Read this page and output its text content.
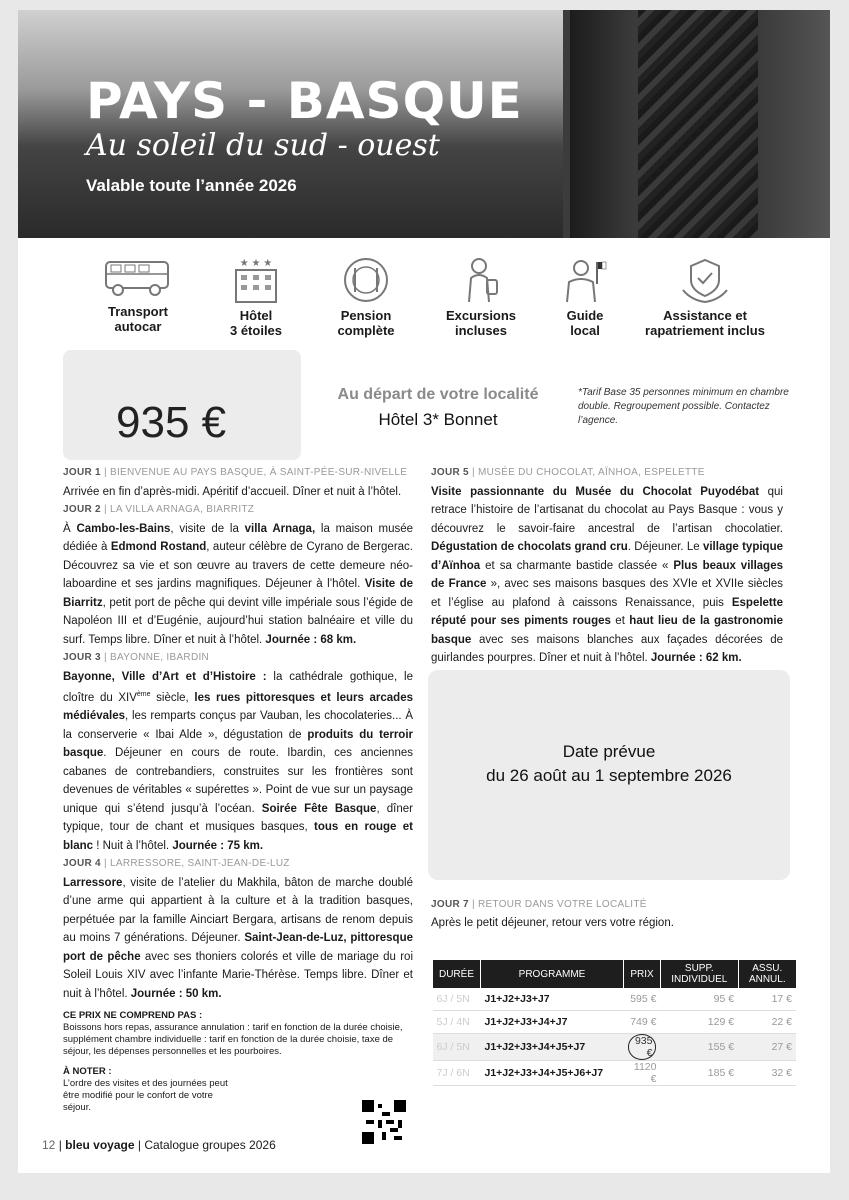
PAYS - BASQUE
Au soleil du sud - ouest
Valable toute l’année 2026
Transport
autocar
★ ★ ★
Hôtel
3 étoiles
Pension
complète
Excursions
incluses
Guide
local
Assistance et
rapatriement inclus
935 €
Au départ de votre localité
Hôtel 3* Bonnet
*Tarif Base 35 personnes minimum en chambre double. Regroupement possible. Contactez l’agence.
JOUR 1 | BIENVENUE AU PAYS BASQUE, À SAINT-PÉE-SUR-NIVELLE
Arrivée en fin d’après-midi. Apéritif d’accueil. Dîner et nuit à l’hôtel.
JOUR 2 | LA VILLA ARNAGA, BIARRITZ
À Cambo-les-Bains, visite de la villa Arnaga, la maison musée dédiée à Edmond Rostand, auteur célèbre de Cyrano de Bergerac. Découvrez sa vie et son œuvre au travers de cette demeure néo-laboardine et ses jardins magnifiques. Déjeuner à l’hôtel. Visite de Biarritz, petit port de pêche qui devint ville impériale sous l’égide de Napoléon III et d’Eugénie, aujourd’hui station balnéaire et ville du surf. Temps libre. Dîner et nuit à l’hôtel. Journée : 68 km.
JOUR 3 | BAYONNE, IBARDIN
Bayonne, Ville d’Art et d’Histoire : la cathédrale gothique, le cloître du XIVème siècle, les rues pittoresques et leurs arcades médiévales, les remparts conçus par Vauban, les chocolateries... À la conserverie « Ibai Alde », dégustation de produits du terroir basque. Déjeuner en cours de route. Ibardin, ces anciennes cabanes de contrebandiers, construites sur les frontières sont devenues de véritables « supérettes ». Point de vue sur un paysage unique qui s’étend jusqu’à l’océan. Soirée Fête Basque, dîner typique, tour de chant et musiques basques, tous en rouge et blanc ! Nuit à l’hôtel. Journée : 75 km.
JOUR 4 | LARRESSORE, SAINT-JEAN-DE-LUZ
Larressore, visite de l’atelier du Makhila, bâton de marche doublé d’une arme qui appartient à la culture et à la tradition basques, perpétuée par la famille Ainciart Bergara, artisans de renom depuis au moins 7 générations. Déjeuner. Saint-Jean-de-Luz, pittoresque port de pêche avec ses thoniers colorés et ville de mariage du roi Soleil Louis XIV avec l’infante Marie-Thérèse. Temps libre. Dîner et nuit à l’hôtel. Journée : 50 km.
JOUR 5 | MUSÉE DU CHOCOLAT, AÏNHOA, ESPELETTE
Visite passionnante du Musée du Chocolat Puyodébat qui retrace l’histoire de l’artisanat du chocolat au Pays Basque : vous y découvrez le savoir-faire ancestral de l’artisan chocolatier. Dégustation de chocolats grand cru. Déjeuner. Le village typique d’Aïnhoa et sa charmante bastide classée « Plus beaux villages de France », avec ses maisons basques des XVIe et XVIIe siècles et l’église au plafond à caissons Renaissance, puis Espelette réputé pour ses piments rouges et haut lieu de la gastronomie basque avec ses maisons blanches aux façades décorées de guirlandes pourpres. Dîner et nuit à l’hôtel. Journée : 62 km.
Date prévue
du 26 août au 1 septembre 2026
JOUR 7 | RETOUR DANS VOTRE LOCALITÉ
Après le petit déjeuner, retour vers votre région.
DURÉE	PROGRAMME	PRIX	SUPP. INDIVIDUEL	ASSU. ANNUL.
6J / 5N	J1+J2+J3+J7	595 €	95 €	17 €
5J / 4N	J1+J2+J3+J4+J7	749 €	129 €	22 €
6J / 5N	J1+J2+J3+J4+J5+J7	935 €	155 €	27 €
7J / 6N	J1+J2+J3+J4+J5+J6+J7	1120 €	185 €	32 €
CE PRIX NE COMPREND PAS :
Boissons hors repas, assurance annulation : tarif en fonction de la durée choisie, supplément chambre individuelle : tarif en fonction de la durée choisie, taxe de séjour, les dépenses personnelles et les pourboires.
À NOTER :
L’ordre des visites et des journées peut être modifié pour le confort de votre séjour.
12 | bleu voyage | Catalogue groupes 2026
